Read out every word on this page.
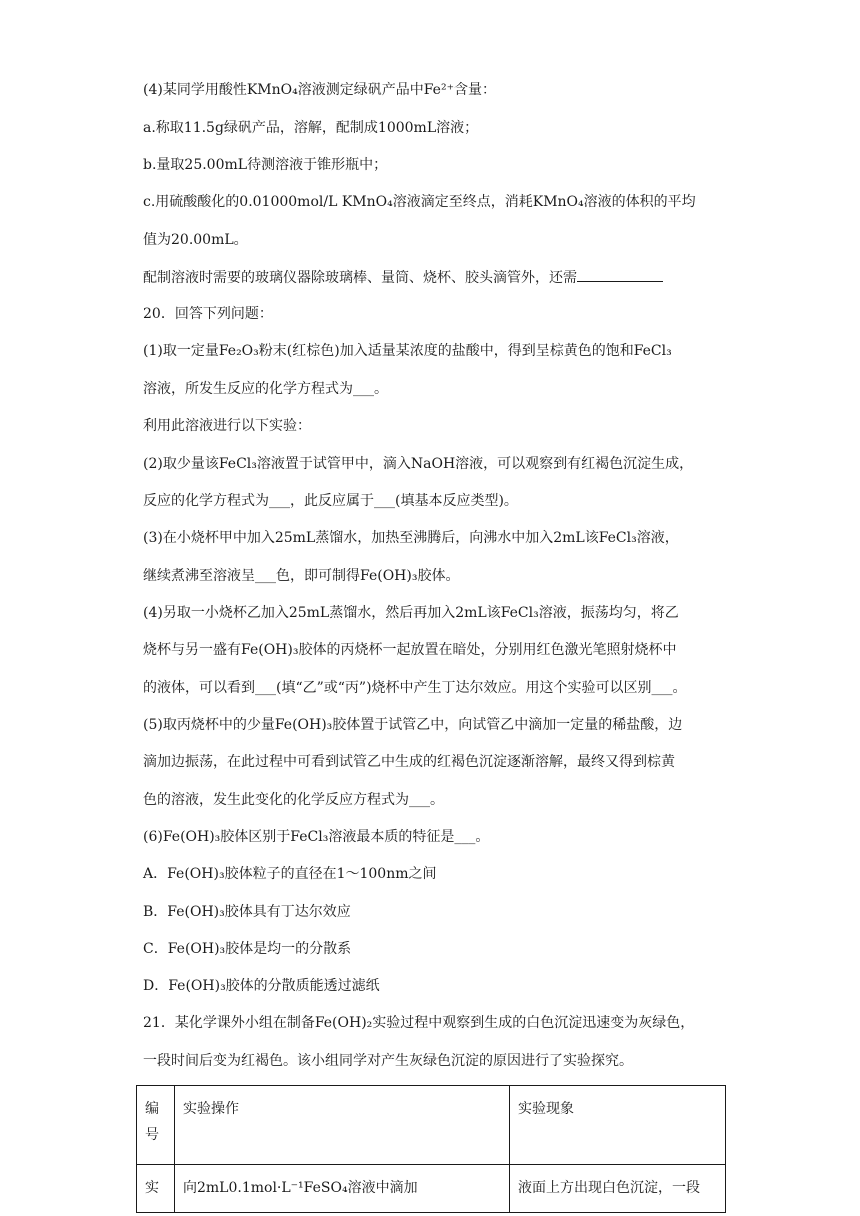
(4)某同学用酸性KMnO₄溶液测定绿矾产品中Fe²⁺含量：
a.称取11.5g绿矾产品，溶解，配制成1000mL溶液；
b.量取25.00mL待测溶液于锥形瓶中；
c.用硫酸酸化的0.01000mol/L KMnO₄溶液滴定至终点，消耗KMnO₄溶液的体积的平均
值为20.00mL。
配制溶液时需要的玻璃仪器除玻璃棒、量筒、烧杯、胶头滴管外，还需
20．回答下列问题：
(1)取一定量Fe₂O₃粉末(红棕色)加入适量某浓度的盐酸中，得到呈棕黄色的饱和FeCl₃
溶液，所发生反应的化学方程式为___。
利用此溶液进行以下实验：
(2)取少量该FeCl₃溶液置于试管甲中，滴入NaOH溶液，可以观察到有红褐色沉淀生成，
反应的化学方程式为___，此反应属于___(填基本反应类型)。
(3)在小烧杯甲中加入25mL蒸馏水，加热至沸腾后，向沸水中加入2mL该FeCl₃溶液，
继续煮沸至溶液呈___色，即可制得Fe(OH)₃胶体。
(4)另取一小烧杯乙加入25mL蒸馏水，然后再加入2mL该FeCl₃溶液，振荡均匀，将乙
烧杯与另一盛有Fe(OH)₃胶体的丙烧杯一起放置在暗处，分别用红色激光笔照射烧杯中
的液体，可以看到___(填“乙”或“丙”)烧杯中产生丁达尔效应。用这个实验可以区别___。
(5)取丙烧杯中的少量Fe(OH)₃胶体置于试管乙中，向试管乙中滴加一定量的稀盐酸，边
滴加边振荡，在此过程中可看到试管乙中生成的红褐色沉淀逐渐溶解，最终又得到棕黄
色的溶液，发生此变化的化学反应方程式为___。
(6)Fe(OH)₃胶体区别于FeCl₃溶液最本质的特征是___。
A．Fe(OH)₃胶体粒子的直径在1～100nm之间
B．Fe(OH)₃胶体具有丁达尔效应
C．Fe(OH)₃胶体是均一的分散系
D．Fe(OH)₃胶体的分散质能透过滤纸
21．某化学课外小组在制备Fe(OH)₂实验过程中观察到生成的白色沉淀迅速变为灰绿色，
一段时间后变为红褐色。该小组同学对产生灰绿色沉淀的原因进行了实验探究。
编号	实验操作	实验现象
实	向2mL0.1mol·L⁻¹FeSO₄溶液中滴加	液面上方出现白色沉淀，一段
